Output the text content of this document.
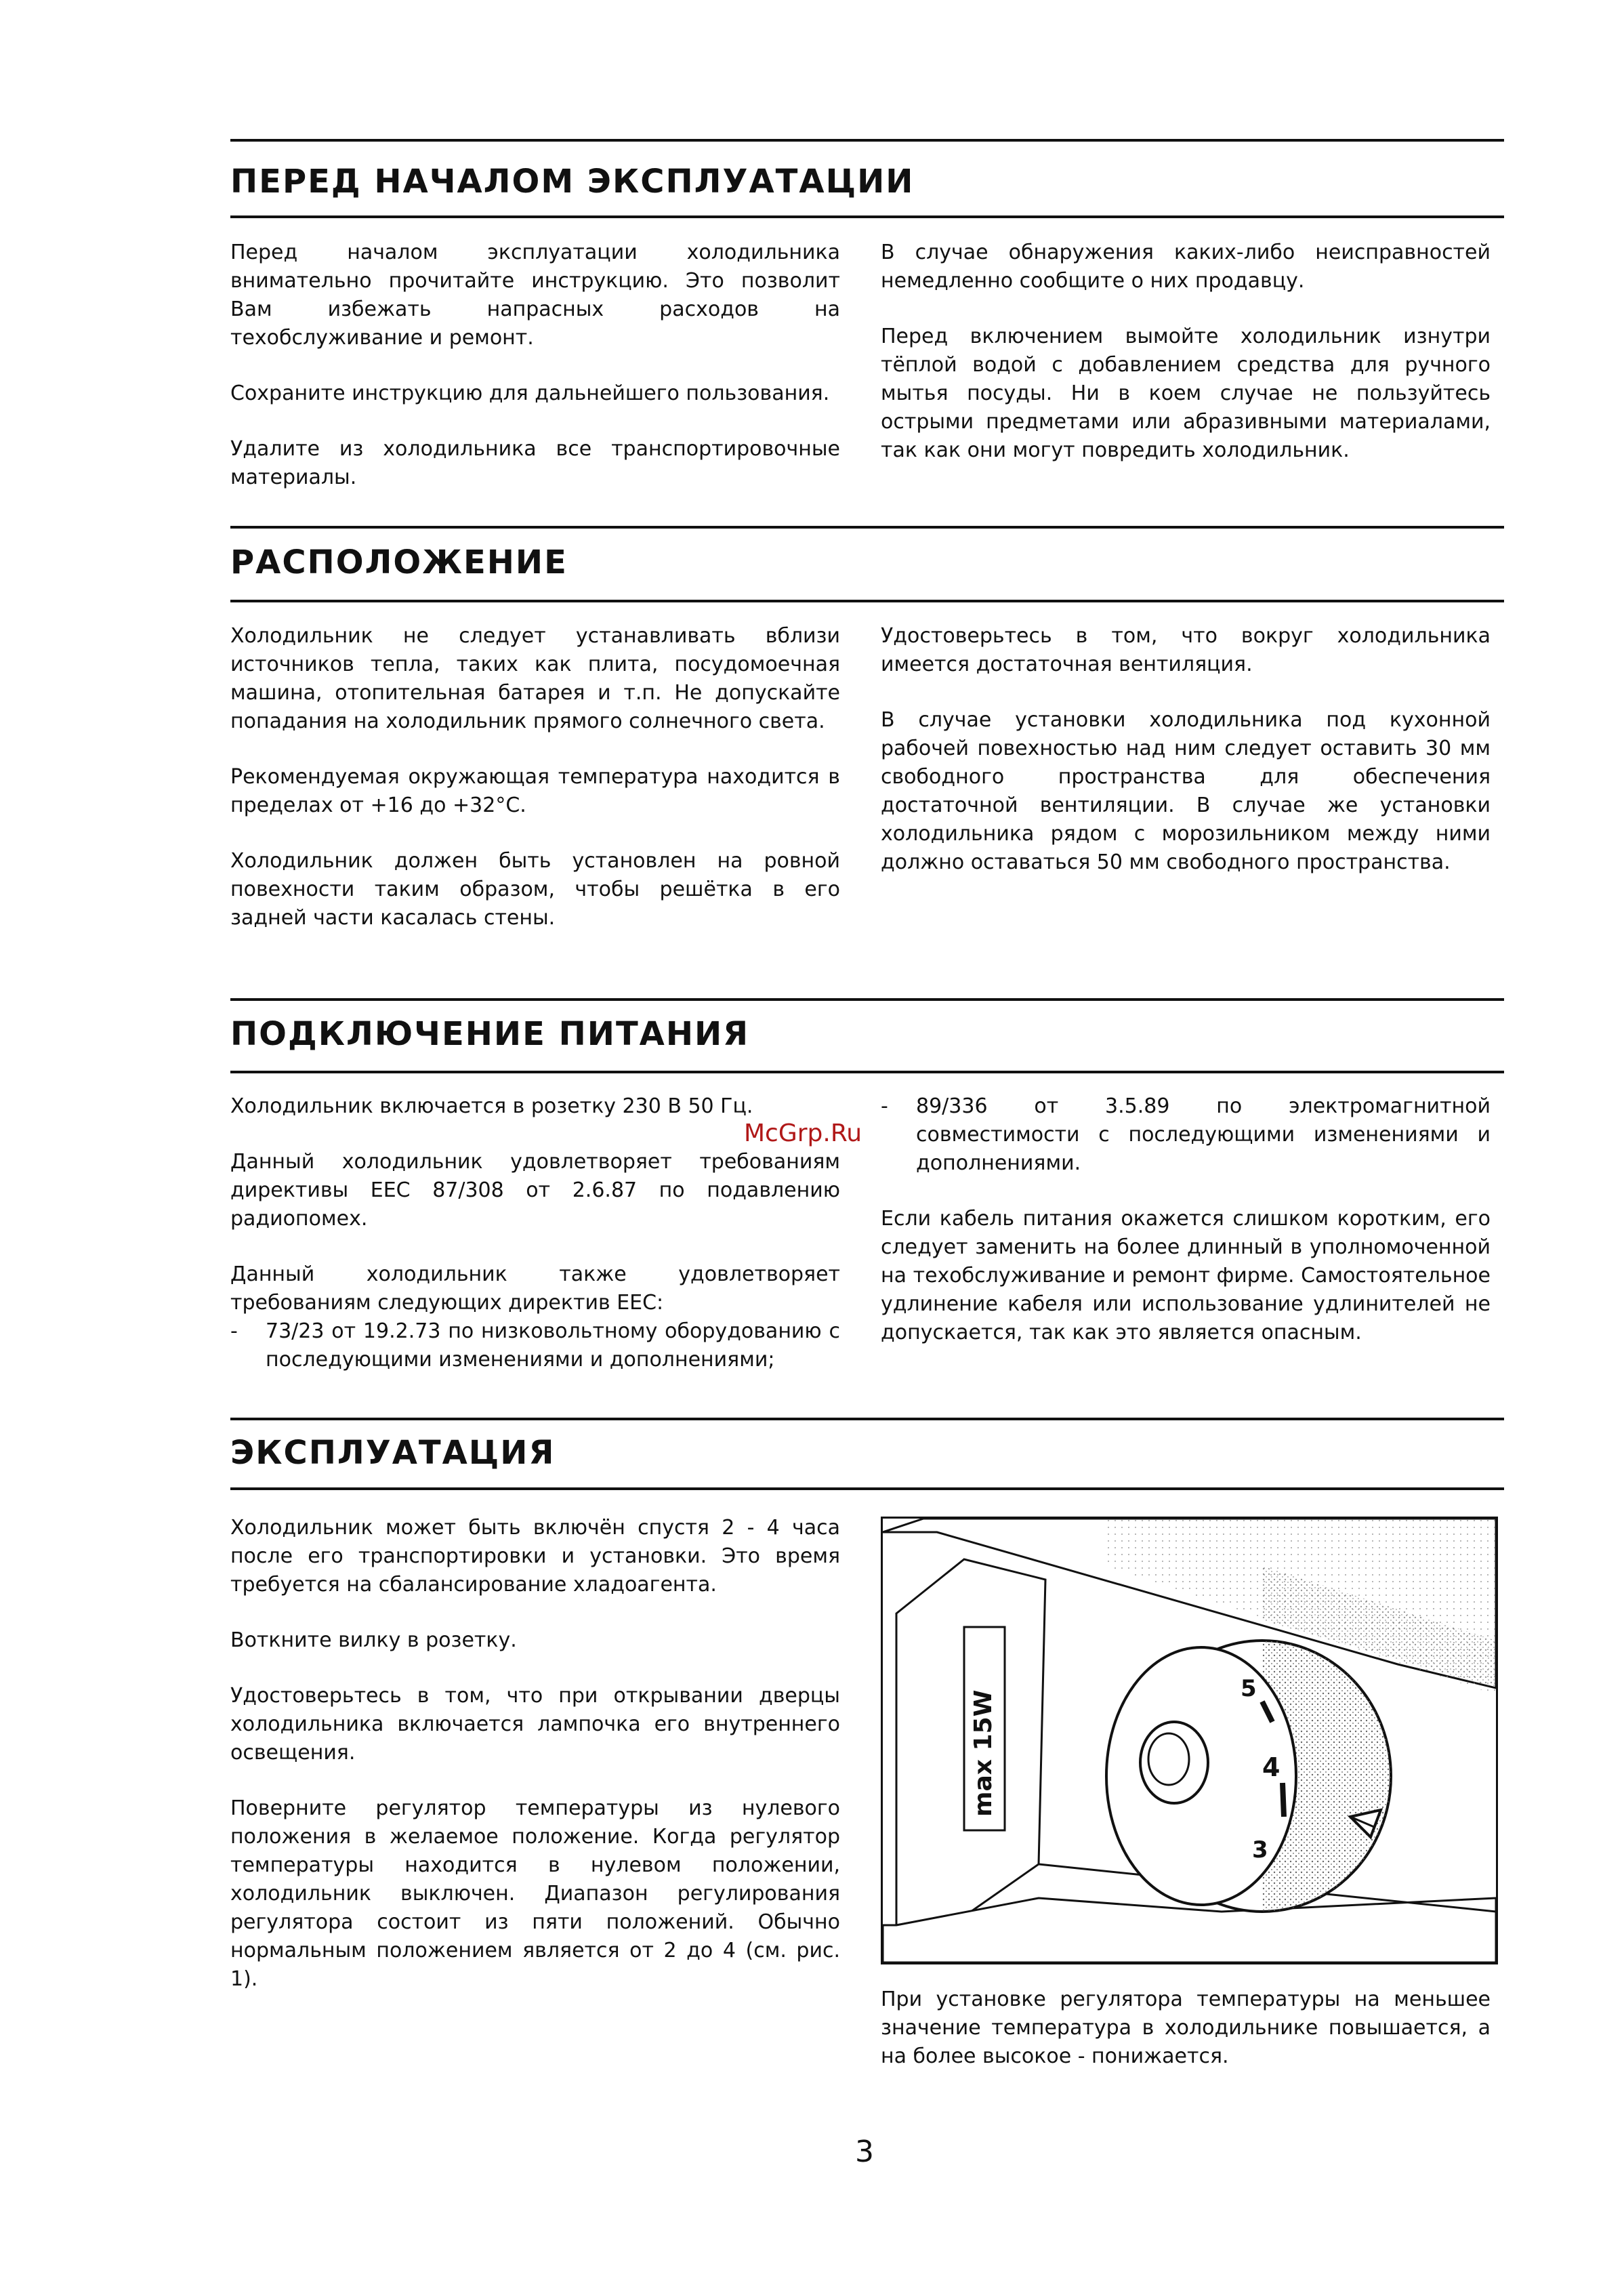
ПЕРЕД НАЧАЛОМ ЭКСПЛУАТАЦИИ

Перед началом эксплуатации холодильника внимательно прочитайте инструкцию. Это позволит Вам избежать напрасных расходов на техобслуживание и ремонт.

Сохраните инструкцию для дальнейшего пользования.

Удалите из холодильника все транспортировочные материалы.

В случае обнаружения каких-либо неисправностей немедленно сообщите о них продавцу.

Перед включением вымойте холодильник изнутри тёплой водой с добавлением средства для ручного мытья посуды. Ни в коем случае не пользуйтесь острыми предметами или абразивными материалами, так как они могут повредить холодильник.

РАСПОЛОЖЕНИЕ

Холодильник не следует устанавливать вблизи источников тепла, таких как плита, посудомоечная машина, отопительная батарея и т.п. Не допускайте попадания на холодильник прямого солнечного света.

Рекомендуемая окружающая температура находится в пределах от +16 до +32°C.

Холодильник должен быть установлен на ровной повехности таким образом, чтобы решётка в его задней части касалась стены.

Удостоверьтесь в том, что вокруг холодильника имеется достаточная вентиляция.

В случае установки холодильника под кухонной рабочей повехностью над ним следует оставить 30 мм свободного пространства для обеспечения достаточной вентиляции. В случае же установки холодильника рядом с морозильником между ними должно оставаться 50 мм свободного пространства.

ПОДКЛЮЧЕНИЕ ПИТАНИЯ

Холодильник включается в розетку 230 В 50 Гц.

Данный холодильник удовлетворяет требованиям директивы EEC 87/308 от 2.6.87 по подавлению радиопомех.

Данный холодильник также удовлетворяет требованиям следующих директив EEC:

- 73/23 от 19.2.73 по низковольтному оборудованию с последующими изменениями и дополнениями;
- 89/336 от 3.5.89 по электромагнитной совместимости с последующими изменениями и дополнениями.

Если кабель питания окажется слишком коротким, его следует заменить на более длинный в уполномоченной на техобслуживание и ремонт фирме. Самостоятельное удлинение кабеля или использование удлинителей не допускается, так как это является опасным.

McGrp.Ru
ЭКСПЛУАТАЦИЯ

Холодильник может быть включён спустя 2 - 4 часа после его транспортировки и установки. Это время требуется на сбалансирование хладоагента.

Воткните вилку в розетку.

Удостоверьтесь в том, что при открывании дверцы холодильника включается лампочка его внутреннего освещения.

Поверните регулятор температуры из нулевого положения в желаемое положение. Когда регулятор температуры находится в нулевом положении, холодильник выключен. Диапазон регулирования регулятора состоит из пяти положений. Обычно нормальным положением является от 2 до 4 (см. рис. 1).

max 15W
5
4
3

При установке регулятора температуры на меньшее значение температура в холодильнике повышается, а на более высокое - понижается.

3
